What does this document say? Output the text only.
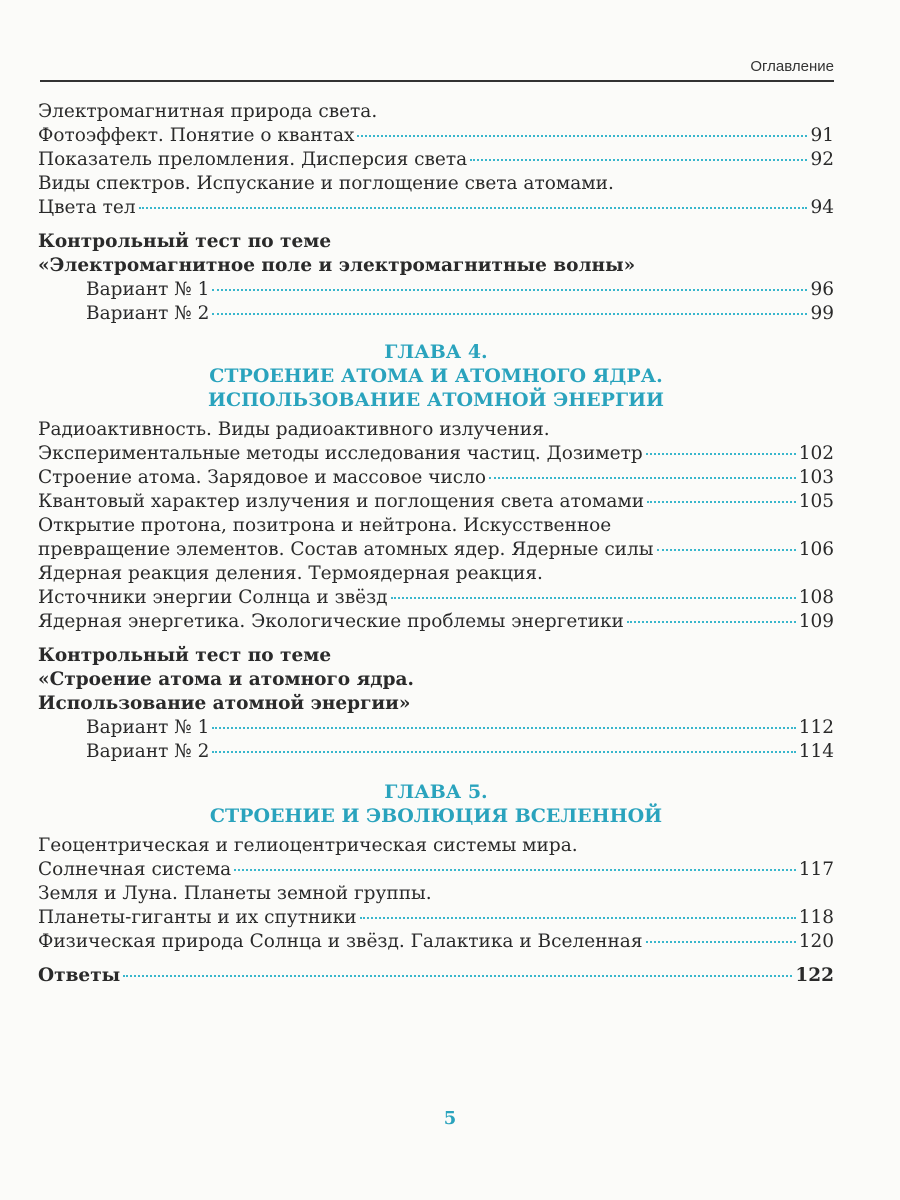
Оглавление
Электромагнитная природа света.
Фотоэффект. Понятие о квантах	91
Показатель преломления. Дисперсия света	92
Виды спектров. Испускание и поглощение света атомами.
Цвета тел	94
Контрольный тест по теме
«Электромагнитное поле и электромагнитные волны»
Вариант № 1	96
Вариант № 2	99
ГЛАВА 4.
СТРОЕНИЕ АТОМА И АТОМНОГО ЯДРА.
ИСПОЛЬЗОВАНИЕ АТОМНОЙ ЭНЕРГИИ
Радиоактивность. Виды радиоактивного излучения.
Экспериментальные методы исследования частиц. Дозиметр	102
Строение атома. Зарядовое и массовое число	103
Квантовый характер излучения и поглощения света атомами	105
Открытие протона, позитрона и нейтрона. Искусственное
превращение элементов. Состав атомных ядер. Ядерные силы	106
Ядерная реакция деления. Термоядерная реакция.
Источники энергии Солнца и звёзд	108
Ядерная энергетика. Экологические проблемы энергетики	109
Контрольный тест по теме
«Строение атома и атомного ядра.
Использование атомной энергии»
Вариант № 1	112
Вариант № 2	114
ГЛАВА 5.
СТРОЕНИЕ И ЭВОЛЮЦИЯ ВСЕЛЕННОЙ
Геоцентрическая и гелиоцентрическая системы мира.
Солнечная система	117
Земля и Луна. Планеты земной группы.
Планеты-гиганты и их спутники	118
Физическая природа Солнца и звёзд. Галактика и Вселенная	120
Ответы	122
5
